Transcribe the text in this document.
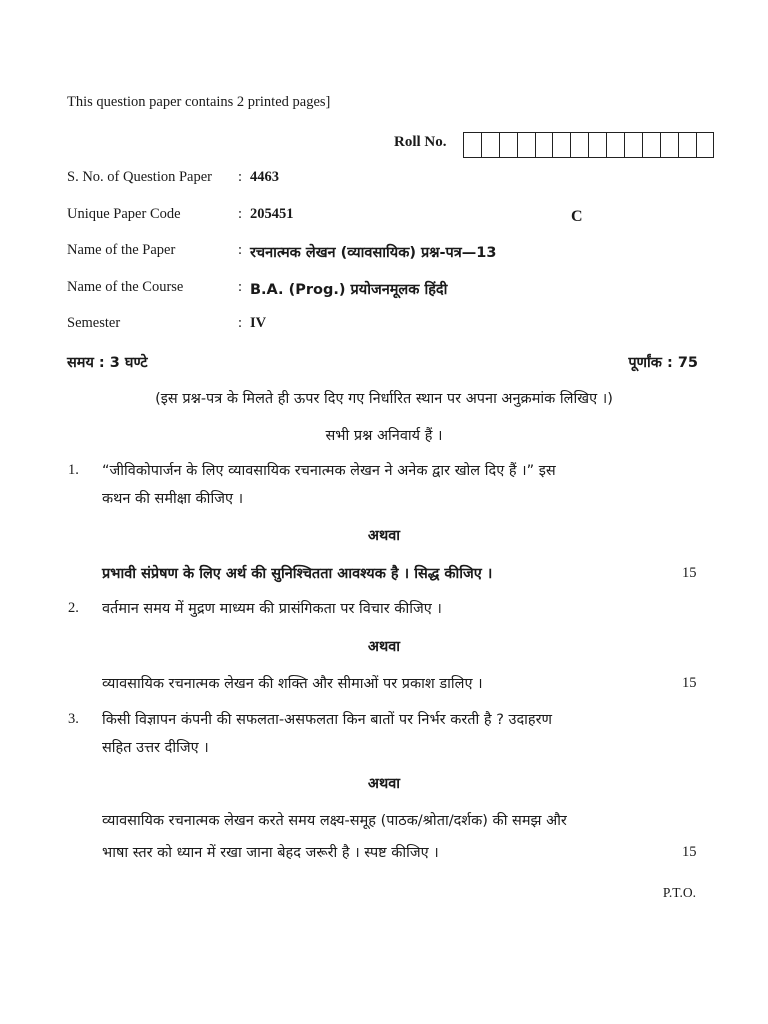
This question paper contains 2 printed pages]
Roll No.
S. No. of Question Paper : 4463
Unique Paper Code	: 205451	C
Name of the Paper	: रचनात्मक लेखन (व्यावसायिक) प्रश्न-पत्र—13
Name of the Course	: B.A. (Prog.) प्रयोजनमूलक हिंदी
Semester	: IV
समय : 3 घण्टे	पूर्णांक : 75
(इस प्रश्न-पत्र के मिलते ही ऊपर दिए गए निर्धारित स्थान पर अपना अनुक्रमांक लिखिए ।)
सभी प्रश्न अनिवार्य हैं ।
1. “जीविकोपार्जन के लिए व्यावसायिक रचनात्मक लेखन ने अनेक द्वार खोल दिए हैं ।” इस
कथन की समीक्षा कीजिए ।
अथवा
प्रभावी संप्रेषण के लिए अर्थ की सुनिश्चितता आवश्यक है । सिद्ध कीजिए ।	15
2. वर्तमान समय में मुद्रण माध्यम की प्रासंगिकता पर विचार कीजिए ।
अथवा
व्यावसायिक रचनात्मक लेखन की शक्ति और सीमाओं पर प्रकाश डालिए ।	15
3. किसी विज्ञापन कंपनी की सफलता-असफलता किन बातों पर निर्भर करती है ? उदाहरण
सहित उत्तर दीजिए ।
अथवा
व्यावसायिक रचनात्मक लेखन करते समय लक्ष्य-समूह (पाठक/श्रोता/दर्शक) की समझ और
भाषा स्तर को ध्यान में रखा जाना बेहद जरूरी है । स्पष्ट कीजिए ।	15
P.T.O.
